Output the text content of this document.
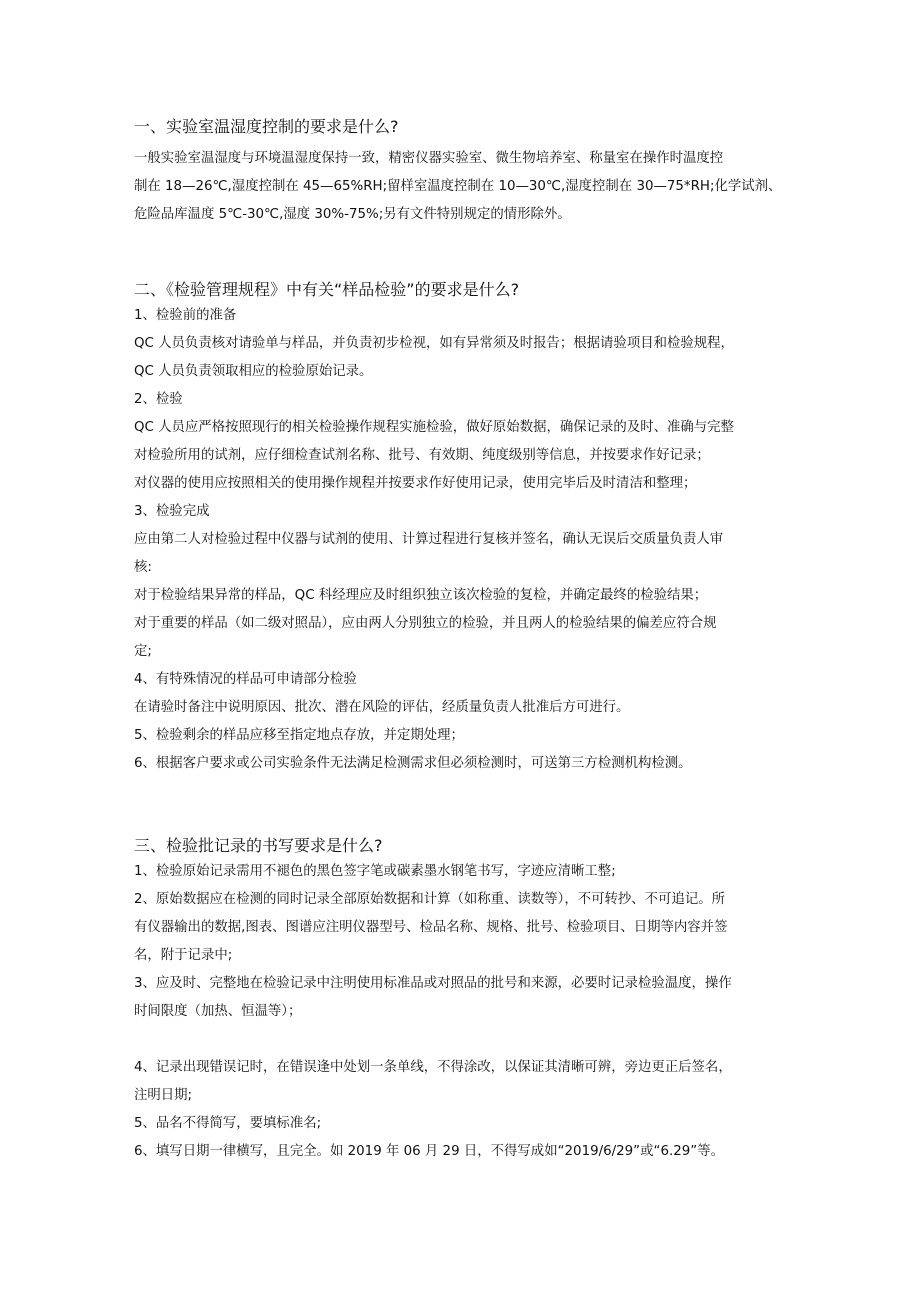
一、实验室温湿度控制的要求是什么?

一般实验室温湿度与环境温湿度保持一致，精密仪器实验室、微生物培养室、称量室在操作时温度控

制在 18—26℃,湿度控制在 45—65%RH;留样室温度控制在 10—30℃,湿度控制在 30—75*RH;化学试剂、

危险品库温度 5℃-30℃,湿度 30%-75%;另有文件特别规定的情形除外。

二、《检验管理规程》中有关“样品检验”的要求是什么?

1、检验前的准备

QC 人员负责核对请验单与样品，并负责初步检视，如有异常须及时报告；根据请验项目和检验规程，

QC 人员负责领取相应的检验原始记录。

2、检验

QC 人员应严格按照现行的相关检验操作规程实施检验，做好原始数据，确保记录的及时、准确与完整

对检验所用的试剂，应仔细检查试剂名称、批号、有效期、纯度级别等信息，并按要求作好记录；

对仪器的使用应按照相关的使用操作规程并按要求作好使用记录，使用完毕后及时清洁和整理；

3、检验完成

应由第二人对检验过程中仪器与试剂的使用、计算过程进行复核并签名，确认无误后交质量负责人审

核:

对于检验结果异常的样品，QC 科经理应及时组织独立该次检验的复检，并确定最终的检验结果；

对于重要的样品（如二级对照品），应由两人分别独立的检验，并且两人的检验结果的偏差应符合规

定;

4、有特殊情况的样品可申请部分检验

在请验时备注中说明原因、批次、潜在风险的评估，经质量负责人批准后方可进行。

5、检验剩余的样品应移至指定地点存放，并定期处理；

6、根据客户要求或公司实验条件无法满足检测需求但必须检测时，可送第三方检测机构检测。

三、检验批记录的书写要求是什么?

1、检验原始记录需用不褪色的黑色签字笔或碳素墨水钢笔书写，字迹应清晰工整;

2、原始数据应在检测的同时记录全部原始数据和计算（如称重、读数等），不可转抄、不可追记。所

有仪器输出的数据,图表、图谱应注明仪器型号、检品名称、规格、批号、检验项目、日期等内容并签

名，附于记录中;

3、应及时、完整地在检验记录中注明使用标准品或对照品的批号和来源，必要时记录检验温度，操作

时间限度（加热、恒温等）；

4、记录出现错误记时，在错误逢中处划一条单线，不得涂改，以保证其清晰可辨，旁边更正后签名，

注明日期;

5、品名不得简写，要填标准名;

6、填写日期一律横写，且完全。如 2019 年 06 月 29 日，不得写成如“2019/6/29”或“6.29”等。
